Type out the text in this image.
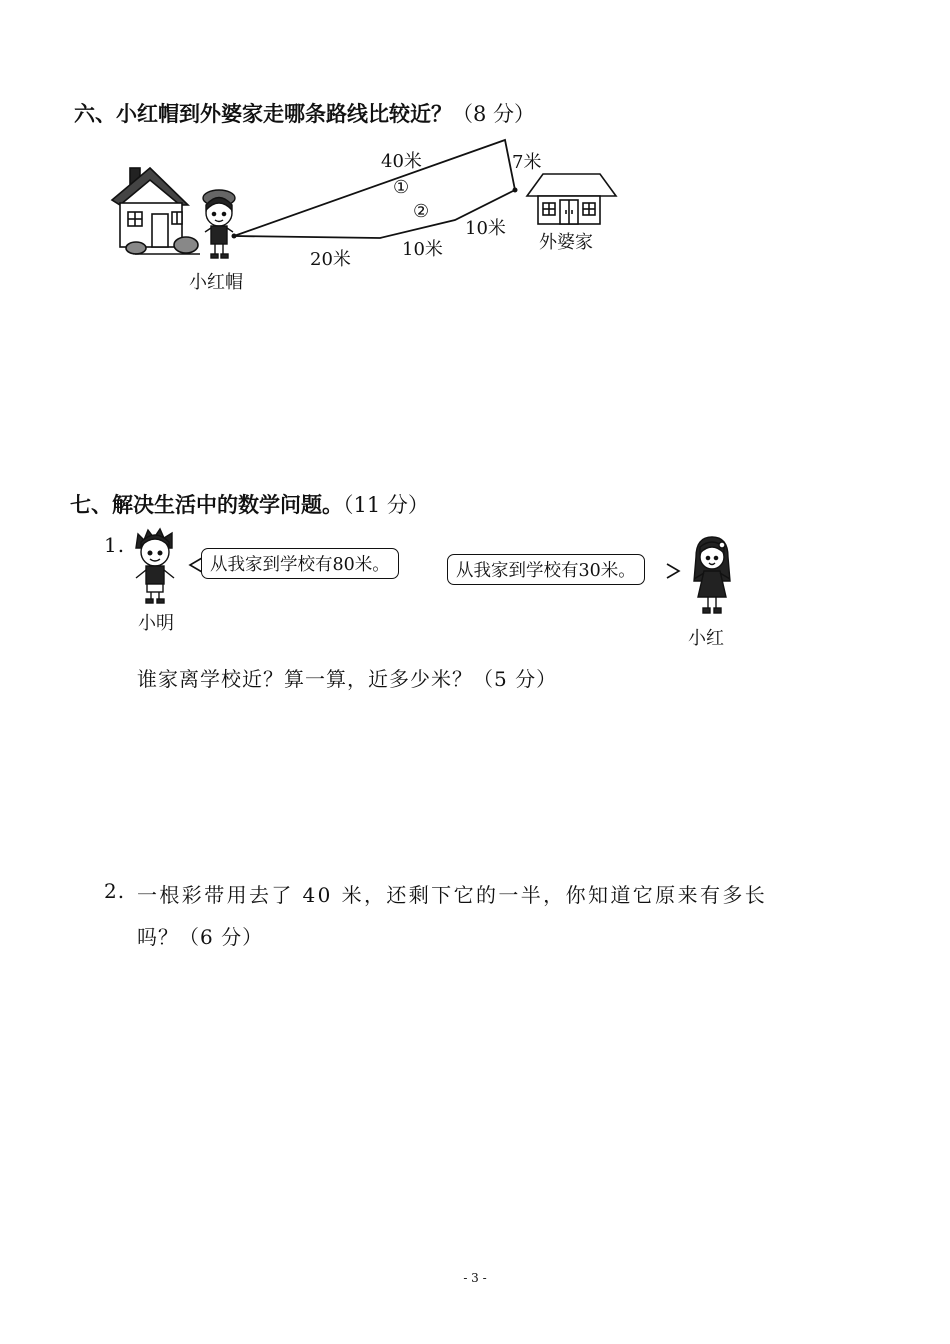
六、小红帽到外婆家走哪条路线比较近？（8 分）
40米	7米
①
②
20米	10米
10米
小红帽
外婆家
七、解决生活中的数学问题。（11 分）
1.
从我家到学校有80米。	从我家到学校有30米。
小明
小红
谁家离学校近？算一算，近多少米？（5 分）
2. 一根彩带用去了 40 米，还剩下它的一半，你知道它原来有多长
吗？（6 分）
- 3 -
